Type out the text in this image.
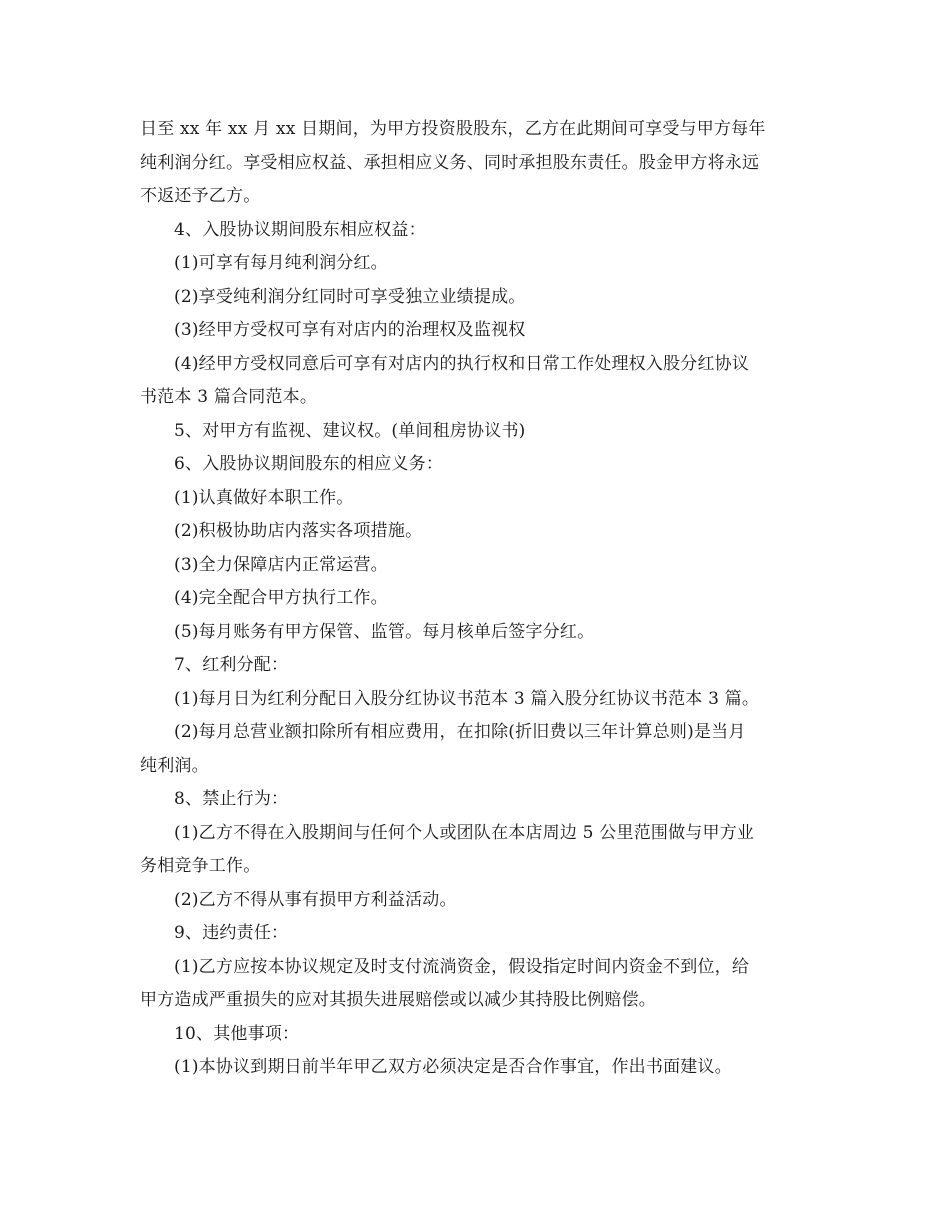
日至 xx 年 xx 月 xx 日期间，为甲方投资股股东，乙方在此期间可享受与甲方每年

纯利润分红。享受相应权益、承担相应义务、同时承担股东责任。股金甲方将永远

不返还予乙方。

4、入股协议期间股东相应权益：

(1)可享有每月纯利润分红。

(2)享受纯利润分红同时可享受独立业绩提成。

(3)经甲方受权可享有对店内的治理权及监视权

(4)经甲方受权同意后可享有对店内的执行权和日常工作处理权入股分红协议

书范本 3 篇合同范本。

5、对甲方有监视、建议权。(单间租房协议书)

6、入股协议期间股东的相应义务：

(1)认真做好本职工作。

(2)积极协助店内落实各项措施。

(3)全力保障店内正常运营。

(4)完全配合甲方执行工作。

(5)每月账务有甲方保管、监管。每月核单后签字分红。

7、红利分配：

(1)每月日为红利分配日入股分红协议书范本 3 篇入股分红协议书范本 3 篇。

(2)每月总营业额扣除所有相应费用，在扣除(折旧费以三年计算总则)是当月

纯利润。

8、禁止行为：

(1)乙方不得在入股期间与任何个人或团队在本店周边 5 公里范围做与甲方业

务相竞争工作。

(2)乙方不得从事有损甲方利益活动。

9、违约责任：

(1)乙方应按本协议规定及时支付流淌资金，假设指定时间内资金不到位，给

甲方造成严重损失的应对其损失进展赔偿或以减少其持股比例赔偿。

10、其他事项：

(1)本协议到期日前半年甲乙双方必须决定是否合作事宜，作出书面建议。
